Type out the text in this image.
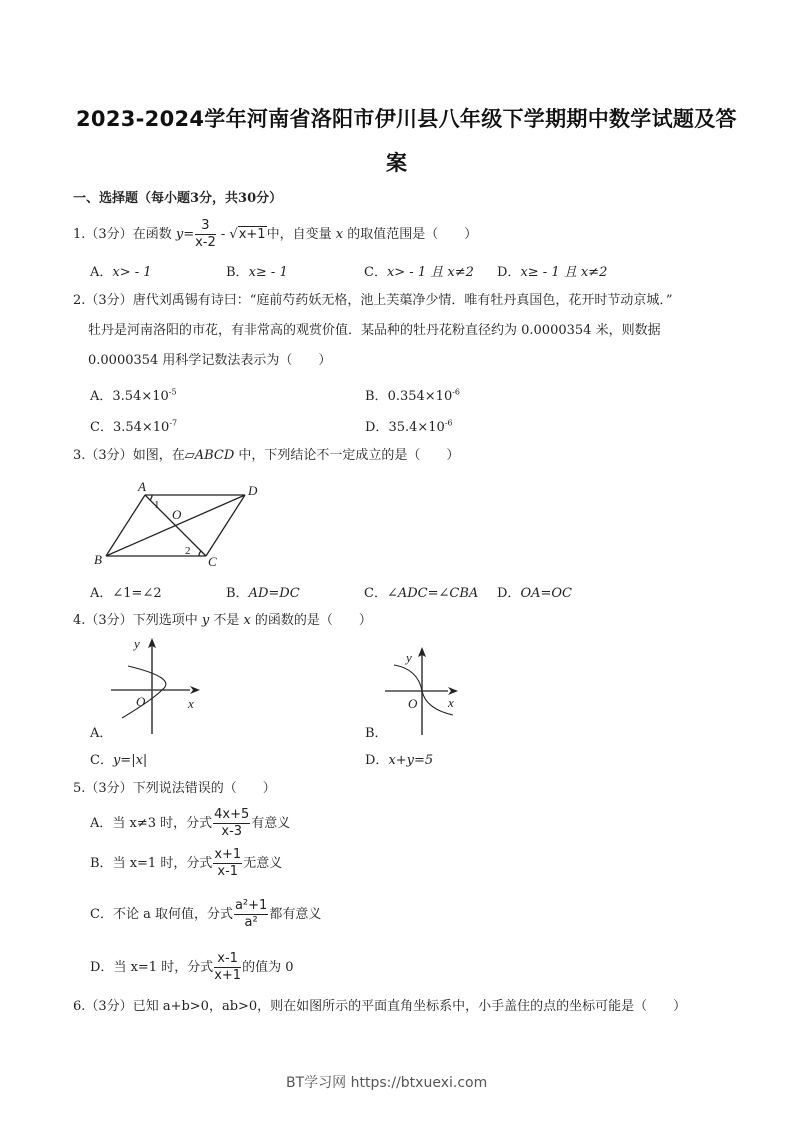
2023-2024学年河南省洛阳市伊川县八年级下学期期中数学试题及答
案
一、选择题（每小题3分，共30分）
1.（3分）在函数 $y= \frac{3}{x-2} - √x+1$中，自变量 x 的取值范围是（　　）
A．x> - 1	B．x≥ - 1	C．x> - 1 且 x≠2 D．x≥ - 1 且 x≠2
2.（3分）唐代刘禹锡有诗曰：“庭前芍药妖无格，池上芙蕖净少情．唯有牡丹真国色，花开时节动京城．”
牡丹是河南洛阳的市花，有非常高的观赏价值．某品种的牡丹花粉直径约为 0.0000354 米，则数据
0.0000354 用科学记数法表示为（　　）
A．$3.54\times 10^{-5}$	B．$0.354\times 10^{-6}$
C．$3.54\times 10^{-7}$	D．$35.4\times 10^{-6}$
3.（3分）如图，在▱ABCD 中，下列结论不一定成立的是（　　）
A	D
B	C
O
1
2
A．∠1=∠2	B．AD=DC	C．∠ADC=∠CBA D．OA=OC
4.（3分）下列选项中 y 不是 x 的函数的是（　　）
y
x
O
A．
y
x
O
B．
C．y=|x|	D．x+y=5
5.（3分）下列说法错误的（　　）
A．当 x≠3 时，分式 $\frac{4x+5}{x-3}$ 有意义
B．当 x=1 时，分式 $\frac{x+1}{x-1}$ 无意义
C．不论 a 取何值，分式 $\frac{\text{a²+1}}{\text{a²}}$ 都有意义
D．当 x=1 时，分式 $\frac{x-1}{x+1}$ 的值为 0
6.（3分）已知 a+b>0，ab>0，则在如图所示的平面直角坐标系中，小手盖住的点的坐标可能是（　　）
BT学习网 https://btxuexi.com
